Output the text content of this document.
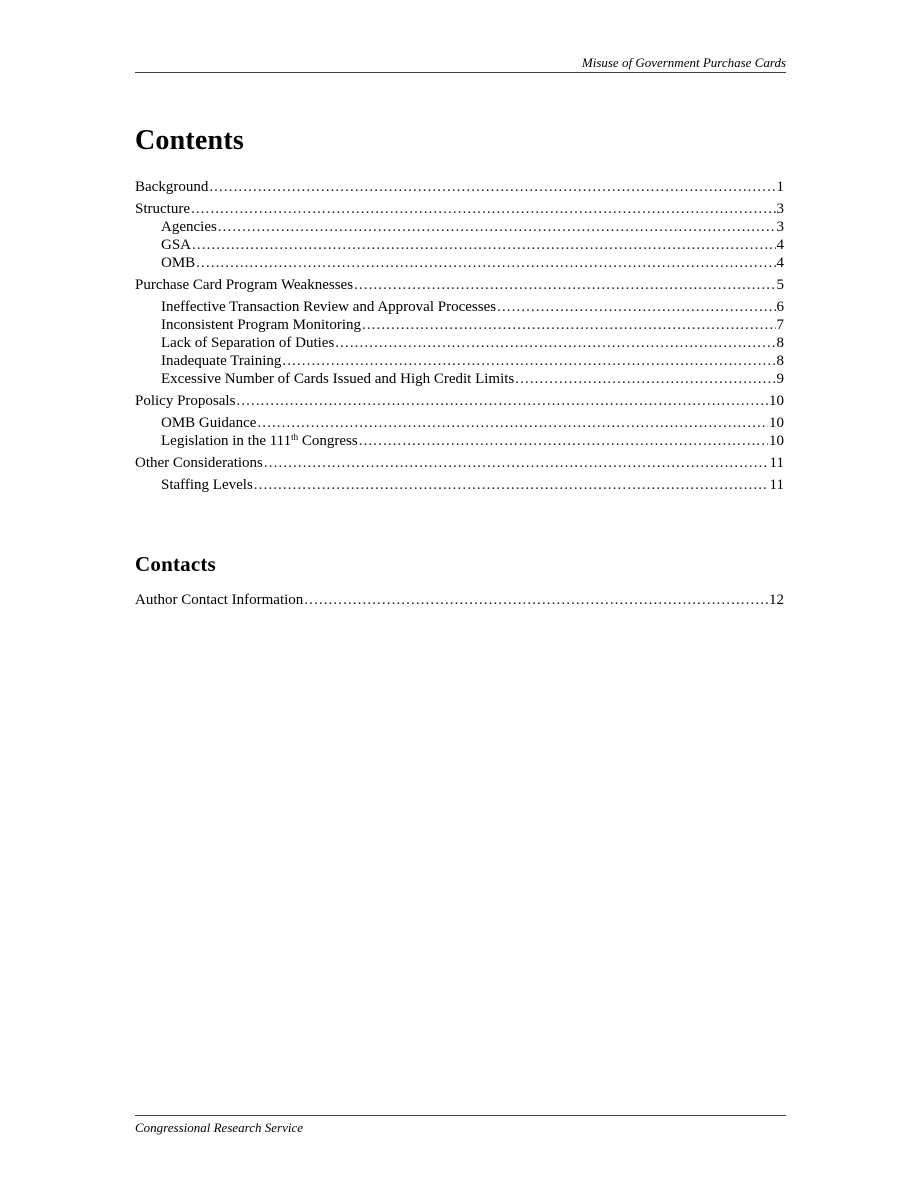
Misuse of Government Purchase Cards
Contents
Background .....	1
Structure .....	3
Agencies .....	3
GSA .....	4
OMB .....	4
Purchase Card Program Weaknesses .....	5
Ineffective Transaction Review and Approval Processes .....	6
Inconsistent Program Monitoring .....	7
Lack of Separation of Duties .....	8
Inadequate Training .....	8
Excessive Number of Cards Issued and High Credit Limits .....	9
Policy Proposals .....	10
OMB Guidance .....	10
Legislation in the 111th Congress .....	10
Other Considerations .....	11
Staffing Levels .....	11
Contacts
Author Contact Information .....	12
Congressional Research Service
